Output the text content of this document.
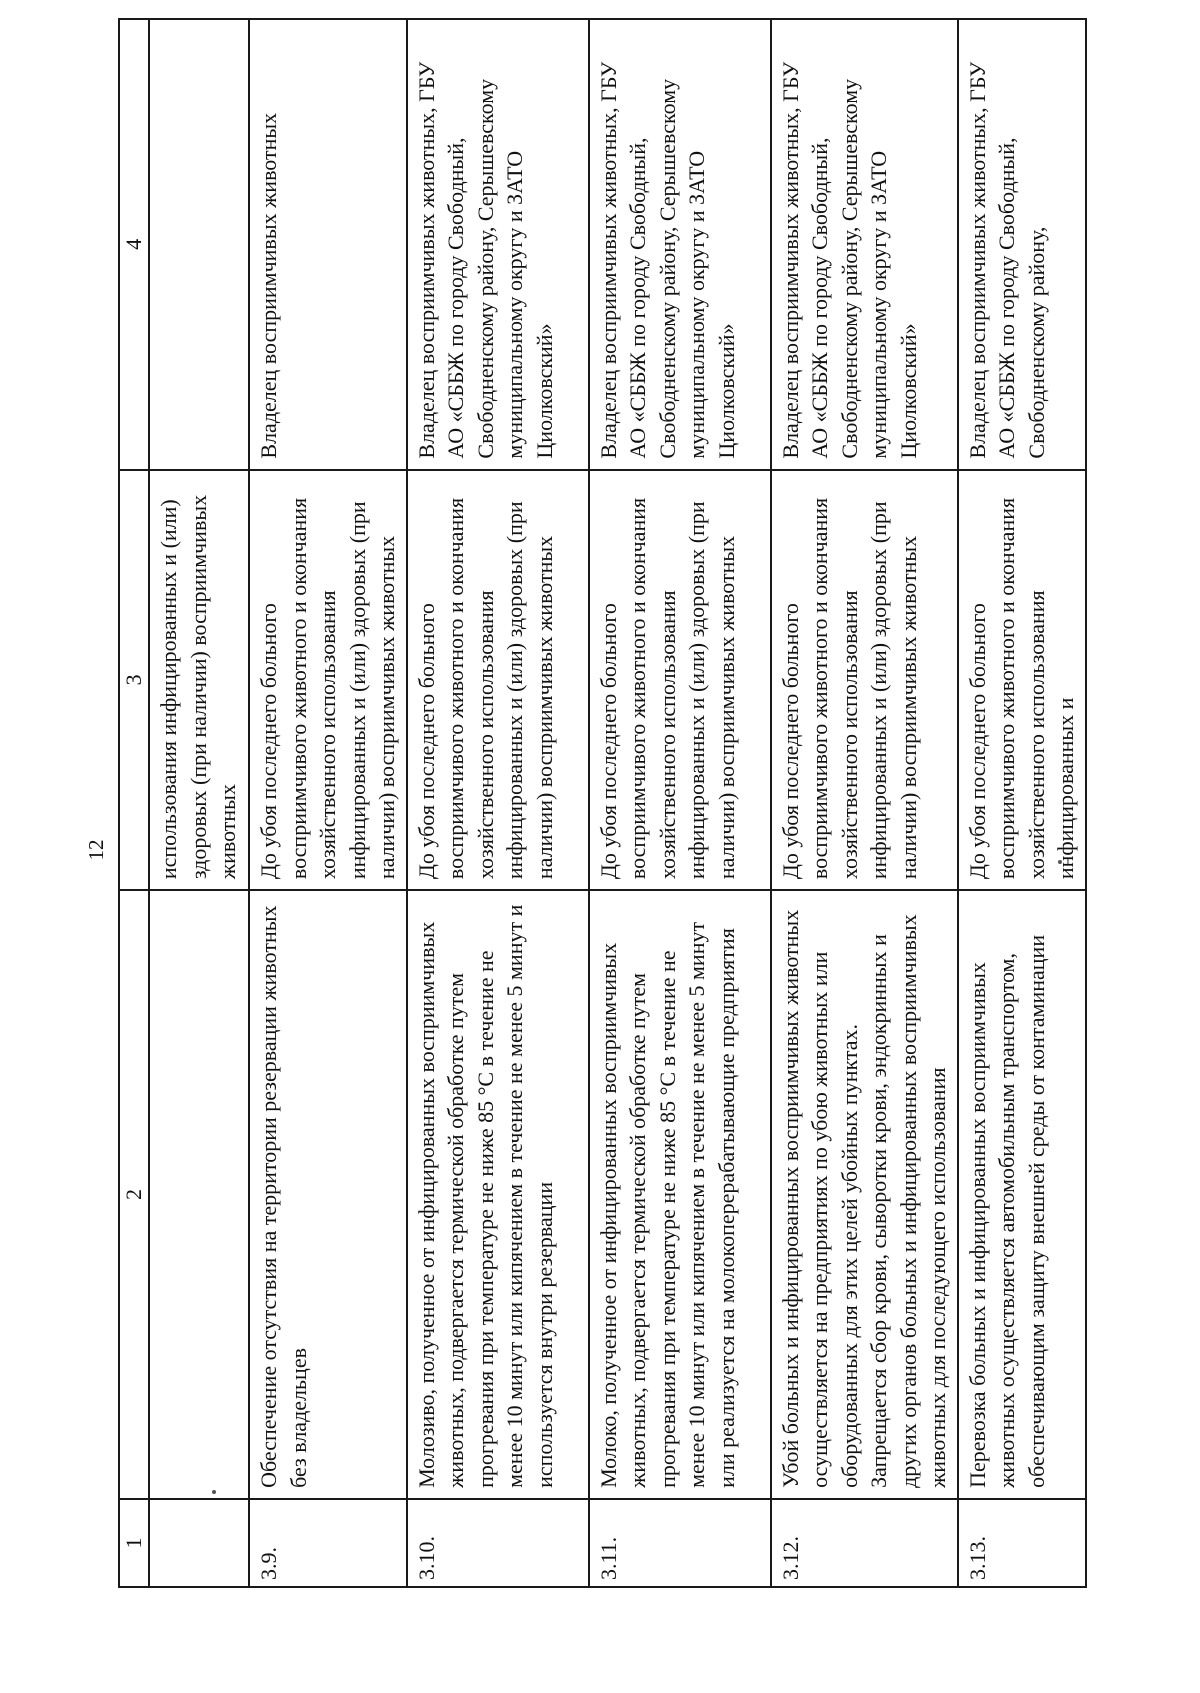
12
1	2	3	4
		использования инфицированных и (или) здоровых (при наличии) восприимчивых животных	
3.9.	Обеспечение отсутствия на территории резервации животных без владельцев	До убоя последнего больного восприимчивого животного и окончания хозяйственного использования инфицированных и (или) здоровых (при наличии) восприимчивых животных	Владелец восприимчивых животных
3.10.	Молозиво, полученное от инфицированных восприимчивых животных, подвергается термической обработке путем прогревания при температуре не ниже 85 °С в течение не менее 10 минут или кипячением в течение не менее 5 минут и используется внутри резервации	До убоя последнего больного восприимчивого животного и окончания хозяйственного использования инфицированных и (или) здоровых (при наличии) восприимчивых животных	Владелец восприимчивых животных, ГБУ АО «СББЖ по городу Свободный, Свободненскому району, Серышевскому муниципальному округу и ЗАТО Циолковский»
3.11.	Молоко, полученное от инфицированных восприимчивых животных, подвергается термической обработке путем прогревания при температуре не ниже 85 °С в течение не менее 10 минут или кипячением в течение не менее 5 минут или реализуется на молокоперерабатывающие предприятия	До убоя последнего больного восприимчивого животного и окончания хозяйственного использования инфицированных и (или) здоровых (при наличии) восприимчивых животных	Владелец восприимчивых животных, ГБУ АО «СББЖ по городу Свободный, Свободненскому району, Серышевскому муниципальному округу и ЗАТО Циолковский»
3.12.	Убой больных и инфицированных восприимчивых животных осуществляется на предприятиях по убою животных или оборудованных для этих целей убойных пунктах. Запрещается сбор крови, сыворотки крови, эндокринных и других органов больных и инфицированных восприимчивых животных для последующего использования	До убоя последнего больного восприимчивого животного и окончания хозяйственного использования инфицированных и (или) здоровых (при наличии) восприимчивых животных	Владелец восприимчивых животных, ГБУ АО «СББЖ по городу Свободный, Свободненскому району, Серышевскому муниципальному округу и ЗАТО Циолковский»
3.13.	Перевозка больных и инфицированных восприимчивых животных осуществляется автомобильным транспортом, обеспечивающим защиту внешней среды от контаминации	До убоя последнего больного восприимчивого животного и окончания хозяйственного использования инфицированных и	Владелец восприимчивых животных, ГБУ АО «СББЖ по городу Свободный, Свободненскому району,
